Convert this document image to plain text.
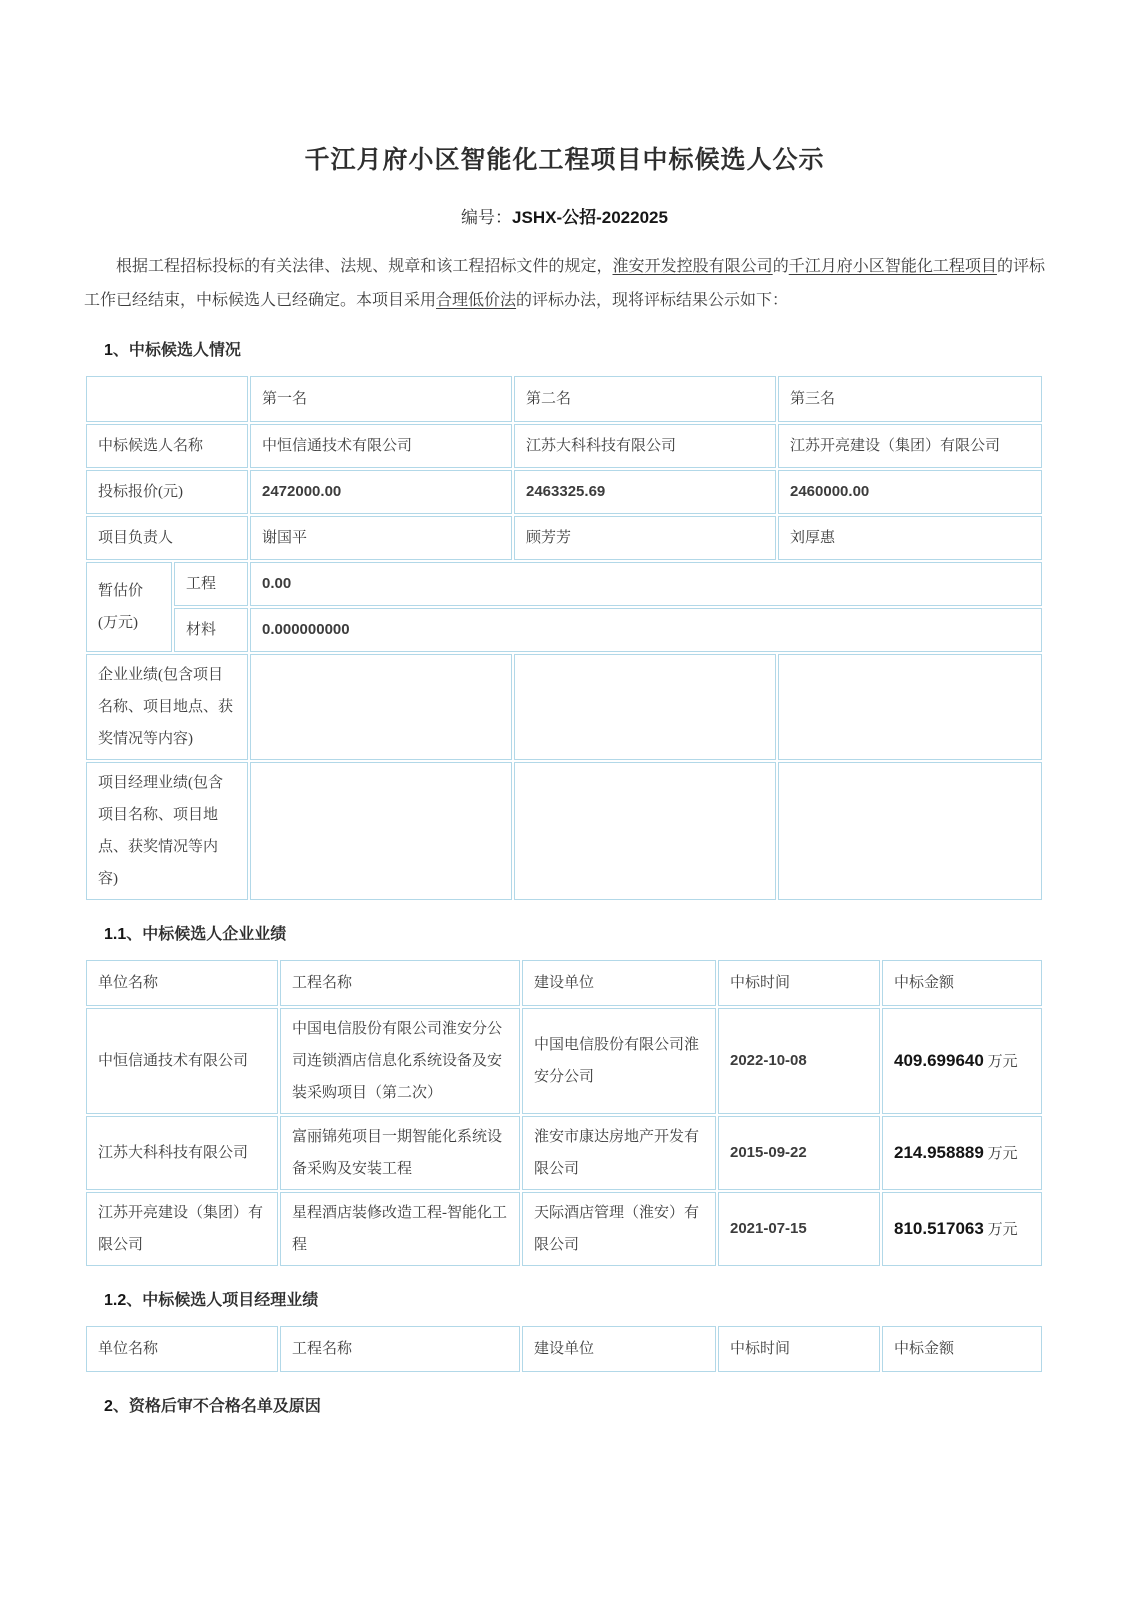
千江月府小区智能化工程项目中标候选人公示
编号：JSHX-公招-2022025

根据工程招标投标的有关法律、法规、规章和该工程招标文件的规定，淮安开发控股有限公司的千江月府小区智能化工程项目的评标工作已经结束，中标候选人已经确定。本项目采用合理低价法的评标办法，现将评标结果公示如下：

1、中标候选人情况
		第一名	第二名	第三名
中标候选人名称		中恒信通技术有限公司	江苏大科科技有限公司	江苏开亮建设（集团）有限公司
投标报价(元)		2472000.00	2463325.69	2460000.00
项目负责人		谢国平	顾芳芳	刘厚惠
暂估价 (万元)	工程	0.00		
	材料	0.000000000		
企业业绩(包含项目名称、项目地点、获奖情况等内容)				
项目经理业绩(包含项目名称、项目地点、获奖情况等内容)				
1.1、中标候选人企业业绩
单位名称	工程名称	建设单位	中标时间	中标金额
中恒信通技术有限公司	中国电信股份有限公司淮安分公司连锁酒店信息化系统设备及安装采购项目（第二次）	中国电信股份有限公司淮安分公司	2022-10-08	409.699640 万元
江苏大科科技有限公司	富丽锦苑项目一期智能化系统设备采购及安装工程	淮安市康达房地产开发有限公司	2015-09-22	214.958889 万元
江苏开亮建设（集团）有限公司	星程酒店装修改造工程-智能化工程	天际酒店管理（淮安）有限公司	2021-07-15	810.517063 万元
1.2、中标候选人项目经理业绩
单位名称	工程名称	建设单位	中标时间	中标金额
2、资格后审不合格名单及原因
